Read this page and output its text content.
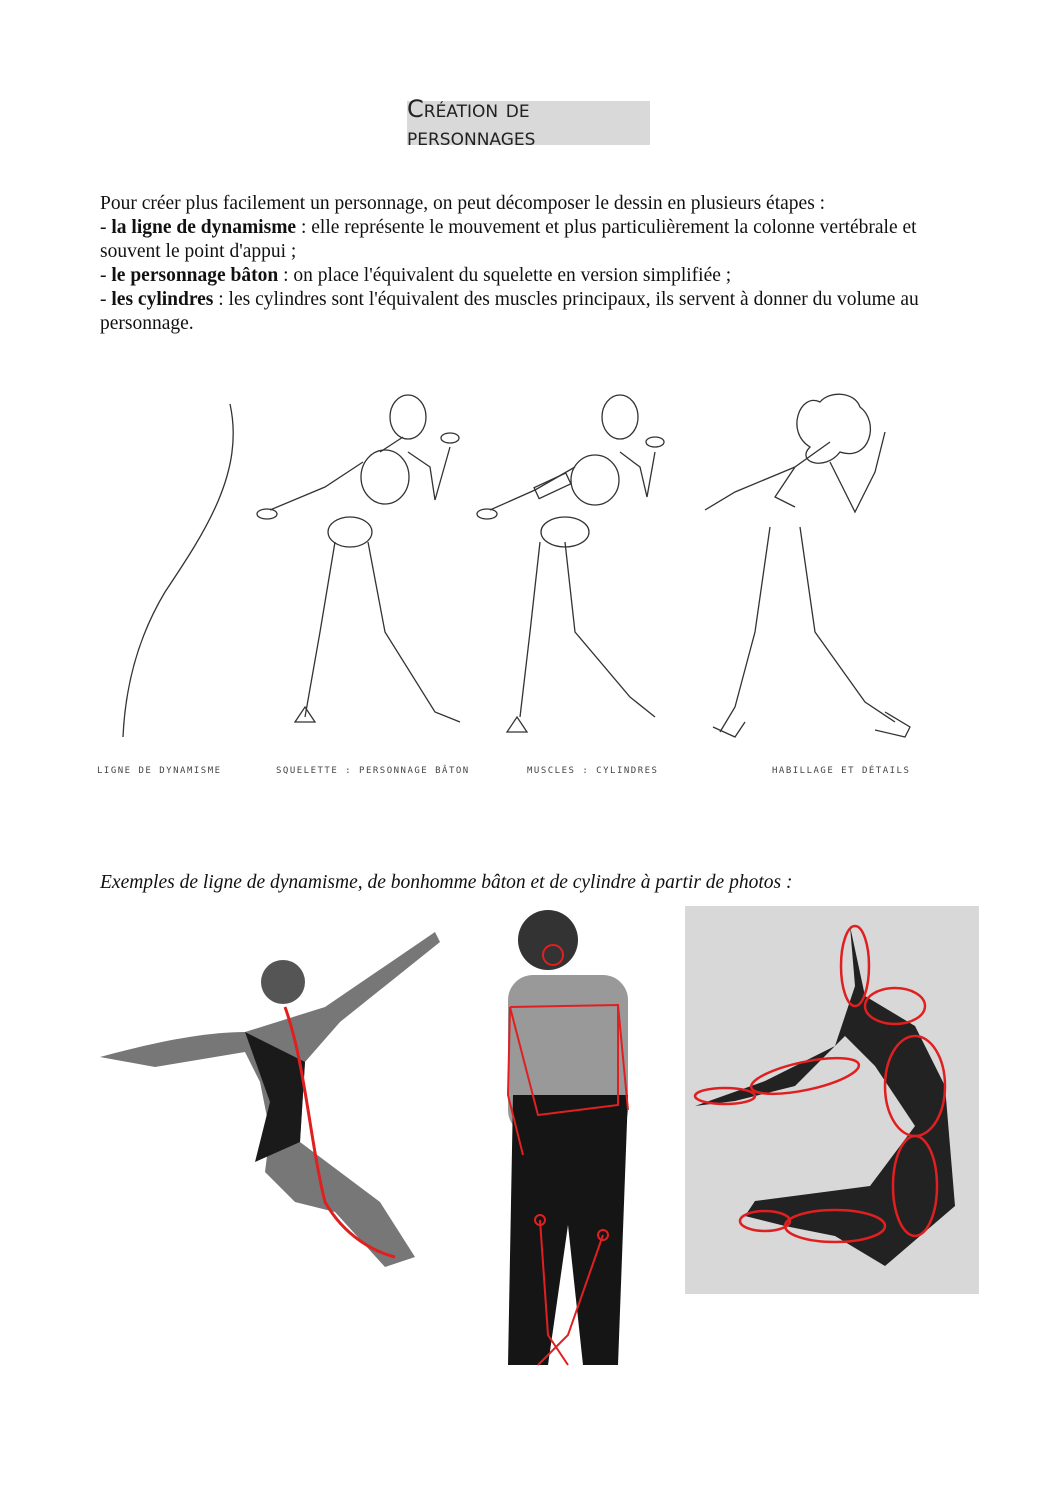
Création de personnages

Pour créer plus facilement un personnage, on peut décomposer le dessin en plusieurs étapes :

- la ligne de dynamisme : elle représente le mouvement et plus particulièrement la colonne vertébrale et souvent le point d'appui ;

- le personnage bâton : on place l'équivalent du squelette en version simplifiée ;

- les cylindres : les cylindres sont l'équivalent des muscles principaux, ils servent à donner du volume au personnage.

LIGNE DE DYNAMISME	SQUELETTE : PERSONNAGE BÂTON	MUSCLES : CYLINDRES	HABILLAGE ET DÉTAILS
Exemples de ligne de dynamisme, de bonhomme bâton et de cylindre à partir de photos :
